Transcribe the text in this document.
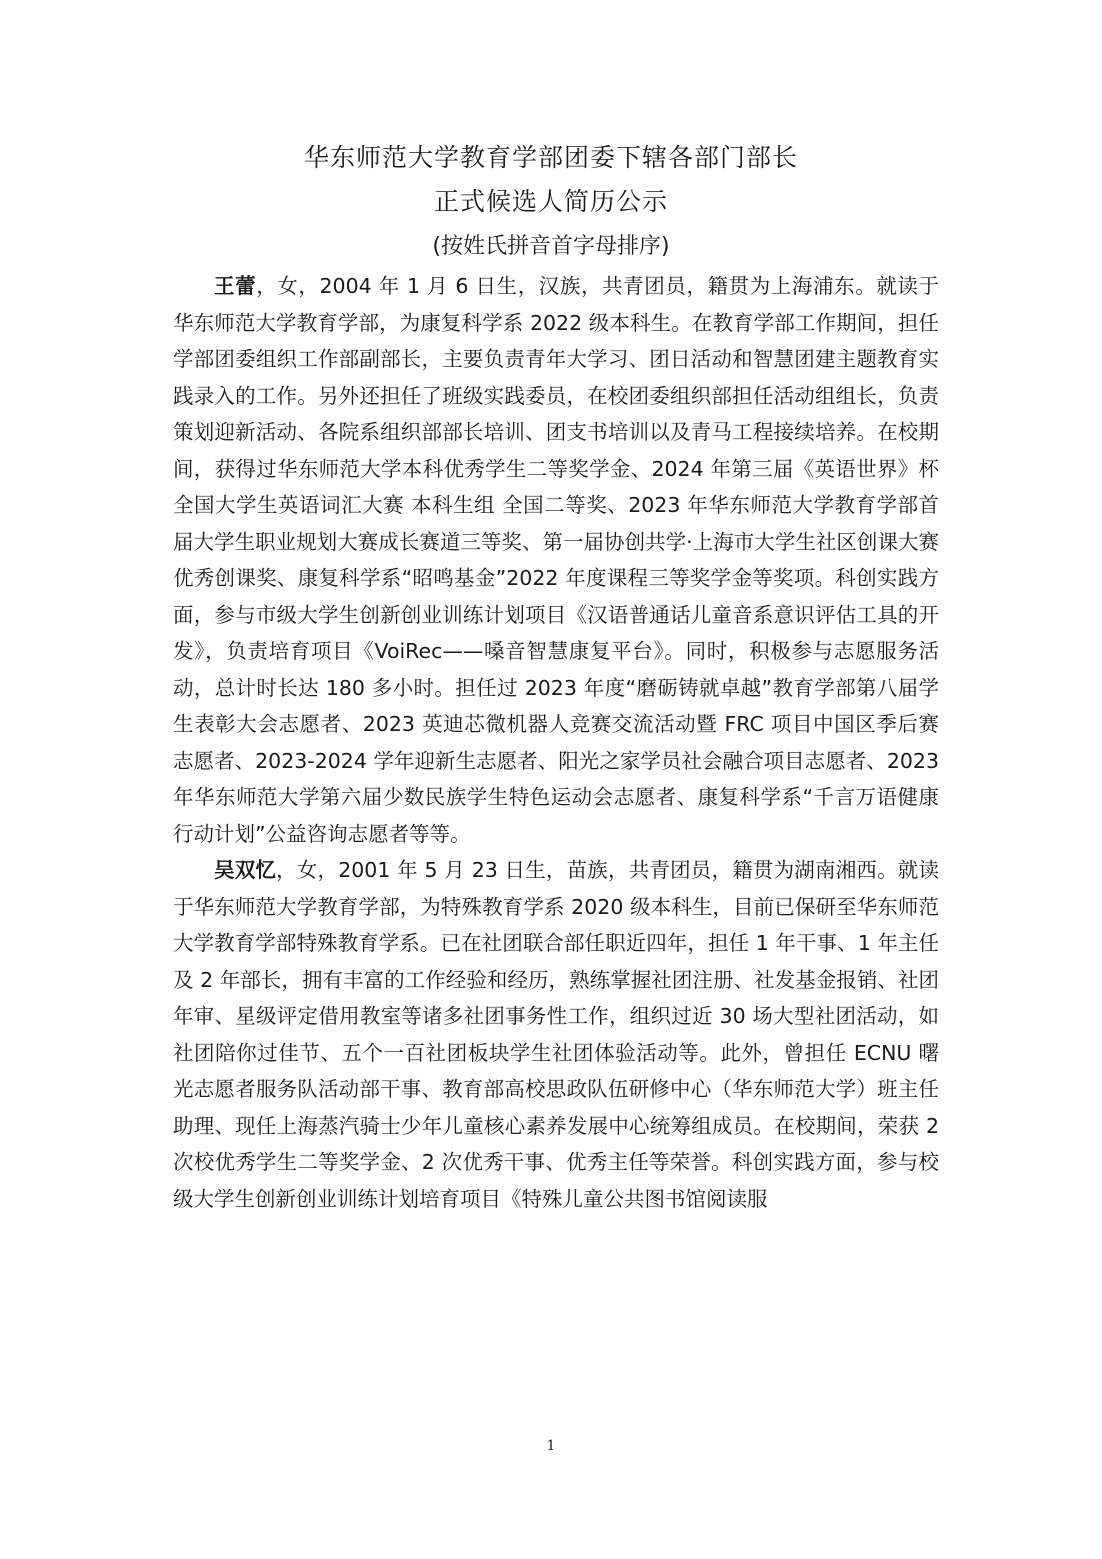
华东师范大学教育学部团委下辖各部门部长
正式候选人简历公示
(按姓氏拼音首字母排序)

王蕾，女，2004 年 1 月 6 日生，汉族，共青团员，籍贯为上海浦东。就读于华东师范大学教育学部，为康复科学系 2022 级本科生。在教育学部工作期间，担任学部团委组织工作部副部长，主要负责青年大学习、团日活动和智慧团建主题教育实践录入的工作。另外还担任了班级实践委员，在校团委组织部担任活动组组长，负责策划迎新活动、各院系组织部部长培训、团支书培训以及青马工程接续培养。在校期间，获得过华东师范大学本科优秀学生二等奖学金、2024 年第三届《英语世界》杯全国大学生英语词汇大赛 本科生组 全国二等奖、2023 年华东师范大学教育学部首届大学生职业规划大赛成长赛道三等奖、第一届协创共学·上海市大学生社区创课大赛 优秀创课奖、康复科学系“昭鸣基金”2022 年度课程三等奖学金等奖项。科创实践方面，参与市级大学生创新创业训练计划项目《汉语普通话儿童音系意识评估工具的开发》，负责培育项目《VoiRec——嗓音智慧康复平台》。同时，积极参与志愿服务活动，总计时长达 180 多小时。担任过 2023 年度“磨砺铸就卓越”教育学部第八届学生表彰大会志愿者、2023 英迪芯微机器人竞赛交流活动暨 FRC 项目中国区季后赛志愿者、2023-2024 学年迎新生志愿者、阳光之家学员社会融合项目志愿者、2023 年华东师范大学第六届少数民族学生特色运动会志愿者、康复科学系“千言万语健康行动计划”公益咨询志愿者等等。

吴双忆，女，2001 年 5 月 23 日生，苗族，共青团员，籍贯为湖南湘西。就读于华东师范大学教育学部，为特殊教育学系 2020 级本科生，目前已保研至华东师范大学教育学部特殊教育学系。已在社团联合部任职近四年，担任 1 年干事、1 年主任及 2 年部长，拥有丰富的工作经验和经历，熟练掌握社团注册、社发基金报销、社团年审、星级评定借用教室等诸多社团事务性工作，组织过近 30 场大型社团活动，如社团陪你过佳节、五个一百社团板块学生社团体验活动等。此外，曾担任 ECNU 曙光志愿者服务队活动部干事、教育部高校思政队伍研修中心（华东师范大学）班主任助理、现任上海蒸汽骑士少年儿童核心素养发展中心统筹组成员。在校期间，荣获 2 次校优秀学生二等奖学金、2 次优秀干事、优秀主任等荣誉。科创实践方面，参与校级大学生创新创业训练计划培育项目《特殊儿童公共图书馆阅读服

1
